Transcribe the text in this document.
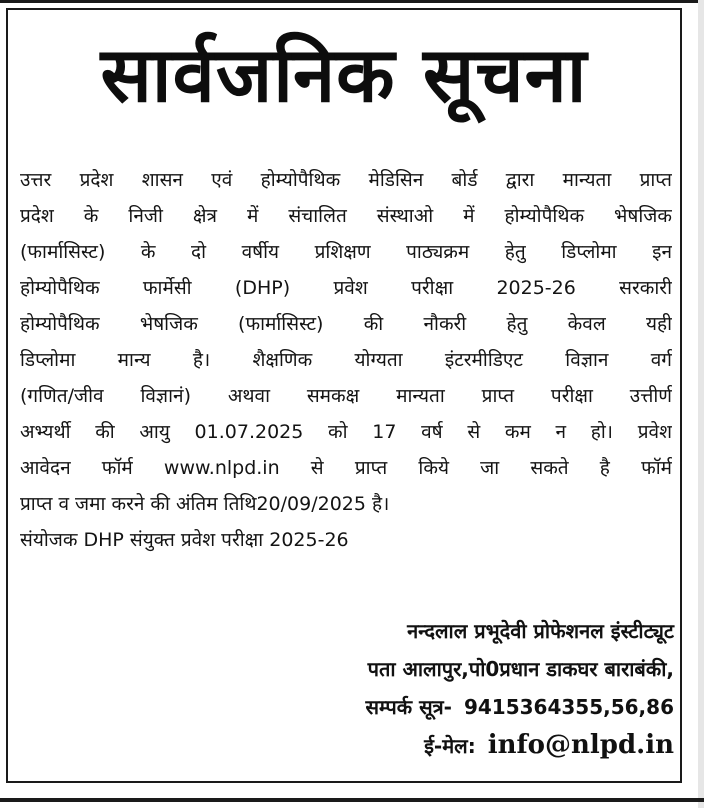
सार्वजनिक सूचना
उत्तर प्रदेश शासन एवं होम्योपैथिक मेडिसिन बोर्ड द्वारा मान्यता प्राप्त
प्रदेश के निजी क्षेत्र में संचालित संस्थाओ में होम्योपैथिक भेषजिक
(फार्मासिस्ट) के दो वर्षीय प्रशिक्षण पाठ्यक्रम हेतु डिप्लोमा इन
होम्योपैथिक फार्मेसी (DHP) प्रवेश परीक्षा 2025-26 सरकारी
होम्योपैथिक भेषजिक (फार्मासिस्ट) की नौकरी हेतु केवल यही
डिप्लोमा मान्य है। शैक्षणिक योग्यता इंटरमीडिएट विज्ञान वर्ग
(गणित/जीव विज्ञानं) अथवा समकक्ष मान्यता प्राप्त परीक्षा उत्तीर्ण
अभ्यर्थी की आयु 01.07.2025 को 17 वर्ष से कम न हो। प्रवेश
आवेदन फॉर्म www.nlpd.in से प्राप्त किये जा सकते है फॉर्म
प्राप्त व जमा करने की अंतिम तिथि20/09/2025 है।
संयोजक DHP संयुक्त प्रवेश परीक्षा 2025-26
नन्दलाल प्रभूदेवी प्रोफेशनल इंस्टीट्यूट
पता आलापुर,पो0प्रधान डाकघर बाराबंकी,
सम्पर्क सूत्र- 9415364355,56,86
ई-मेल: info@nlpd.in
